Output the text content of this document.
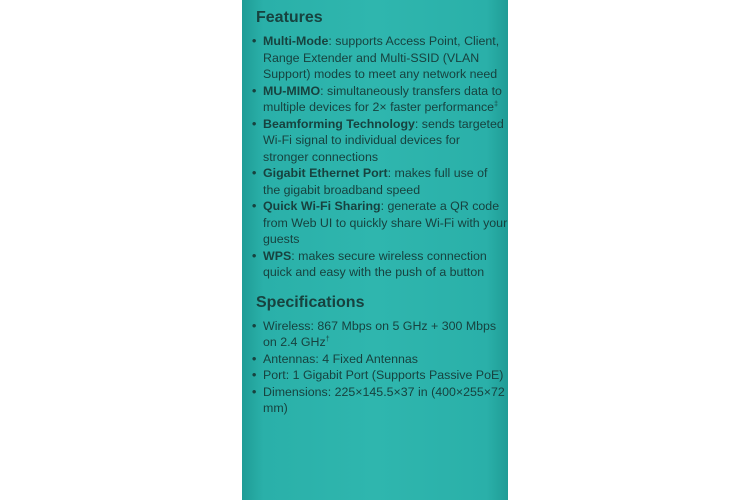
Features
• Multi-Mode: supports Access Point, Client, Range Extender and Multi-SSID (VLAN Support) modes to meet any network need
• MU-MIMO: simultaneously transfers data to multiple devices for 2× faster performance‡
• Beamforming Technology: sends targeted Wi-Fi signal to individual devices for stronger connections
• Gigabit Ethernet Port: makes full use of the gigabit broadband speed
• Quick Wi-Fi Sharing: generate a QR code from Web UI to quickly share Wi-Fi with your guests
• WPS: makes secure wireless connection quick and easy with the push of a button
Specifications
• Wireless: 867 Mbps on 5 GHz + 300 Mbps on 2.4 GHz†
• Antennas: 4 Fixed Antennas
• Port: 1 Gigabit Port (Supports Passive PoE)
• Dimensions: 225×145.5×37 in (400×255×72 mm)
